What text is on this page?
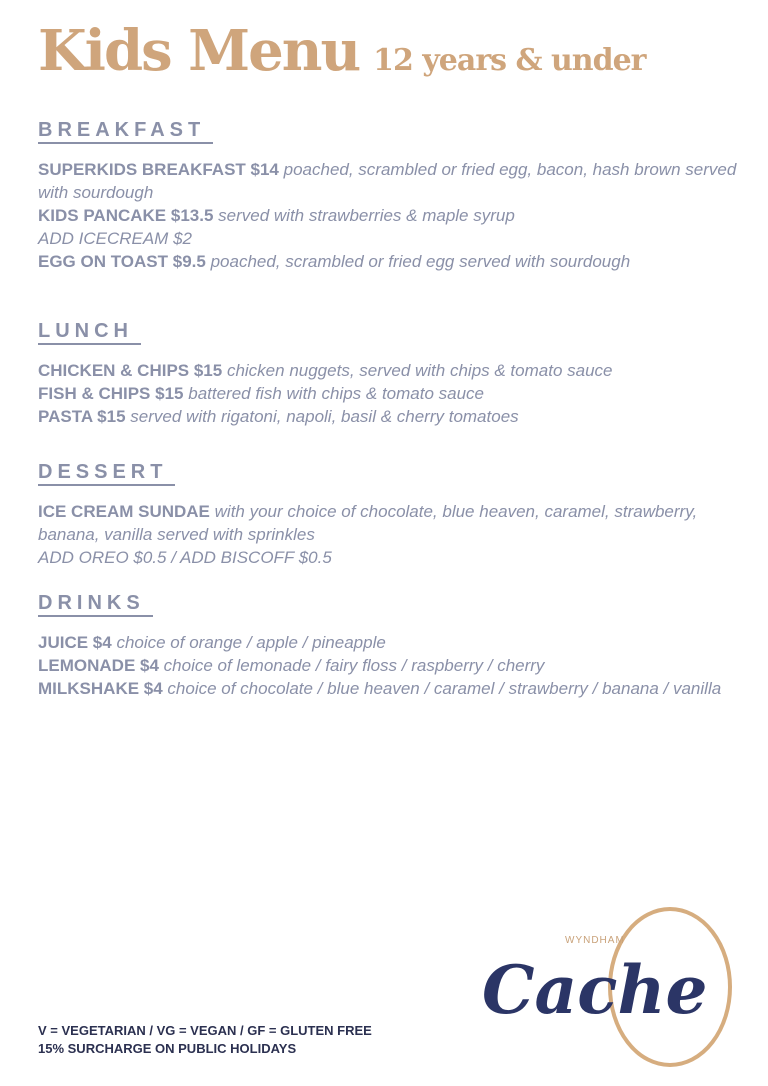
Kids Menu 12 years & under
BREAKFAST
SUPERKIDS BREAKFAST $14 poached, scrambled or fried egg, bacon, hash brown served with sourdough
KIDS PANCAKE $13.5 served with strawberries & maple syrup
ADD ICECREAM $2
EGG ON TOAST $9.5 poached, scrambled or fried egg served with sourdough
LUNCH
CHICKEN & CHIPS $15 chicken nuggets, served with chips & tomato sauce
FISH & CHIPS $15 battered fish with chips & tomato sauce
PASTA $15 served with rigatoni, napoli, basil & cherry tomatoes
DESSERT
ICE CREAM SUNDAE with your choice of chocolate, blue heaven, caramel, strawberry, banana, vanilla served with sprinkles
ADD OREO $0.5 / ADD BISCOFF $0.5
DRINKS
JUICE $4 choice of orange / apple / pineapple
LEMONADE $4 choice of lemonade / fairy floss / raspberry / cherry
MILKSHAKE $4 choice of chocolate / blue heaven / caramel / strawberry / banana / vanilla
V = VEGETARIAN / VG = VEGAN / GF = GLUTEN FREE
15% SURCHARGE ON PUBLIC HOLIDAYS
WYNDHAM
Cache
